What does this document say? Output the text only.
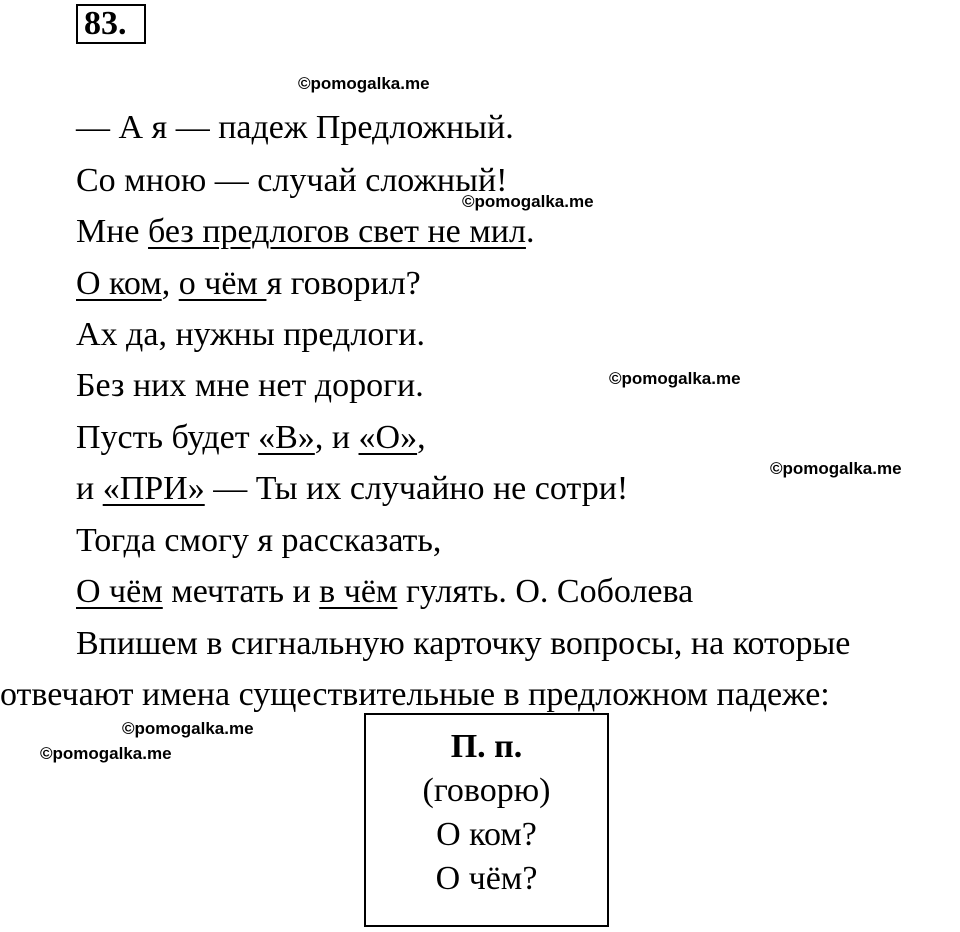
83.
©pomogalka.me
©pomogalka.me
©pomogalka.me
©pomogalka.me
©pomogalka.me
©pomogalka.me
— А я — падеж Предложный.
Со мною — случай сложный!
Мне без предлогов свет не мил.
О ком, о чём я говорил?
Ах да, нужны предлоги.
Без них мне нет дороги.
Пусть будет «В», и «О»,
и «ПРИ» — Ты их случайно не сотри!
Тогда смогу я рассказать,
О чём мечтать и в чём гулять. О. Соболева
Впишем в сигнальную карточку вопросы, на которые
отвечают имена существительные в предложном падеже:
П. п.
(говорю)
О ком?
О чём?
